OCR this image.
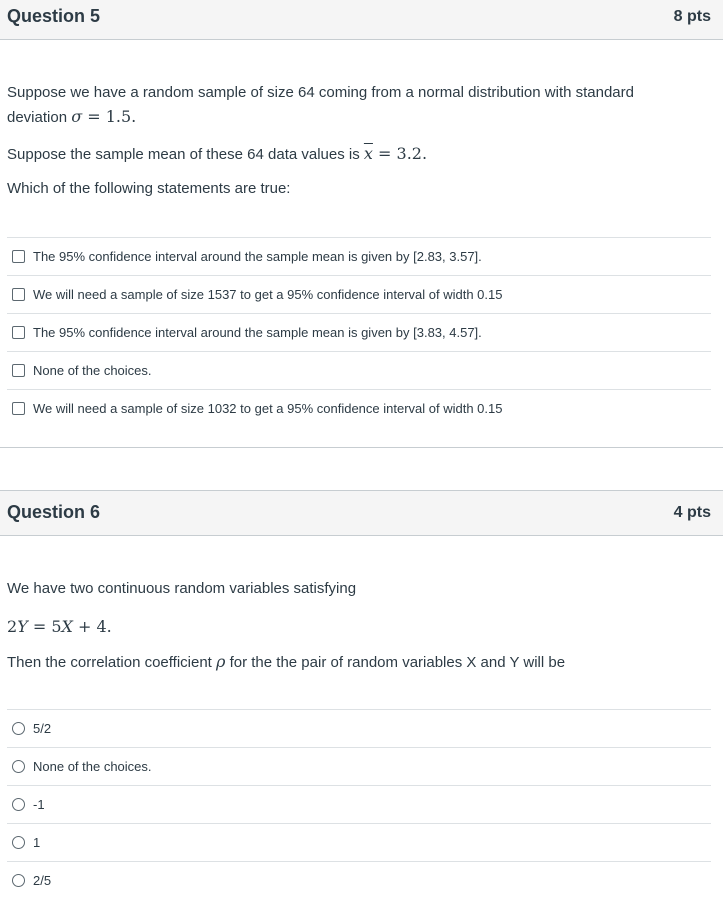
Question 5	8 pts
Suppose we have a random sample of size 64 coming from a normal distribution with standard
deviation σ = 1.5.
Suppose the sample mean of these 64 data values is $\overline{x} = 3.2$.
Which of the following statements are true:
The 95% confidence interval around the sample mean is given by [2.83, 3.57].
We will need a sample of size 1537 to get a 95% confidence interval of width 0.15
The 95% confidence interval around the sample mean is given by [3.83, 4.57].
None of the choices.
We will need a sample of size 1032 to get a 95% confidence interval of width 0.15
Question 6	4 pts
We have two continuous random variables satisfying
2Y = 5X + 4.
Then the correlation coefficient ρ for the the pair of random variables X and Y will be
5/2
None of the choices.
-1
1
2/5
